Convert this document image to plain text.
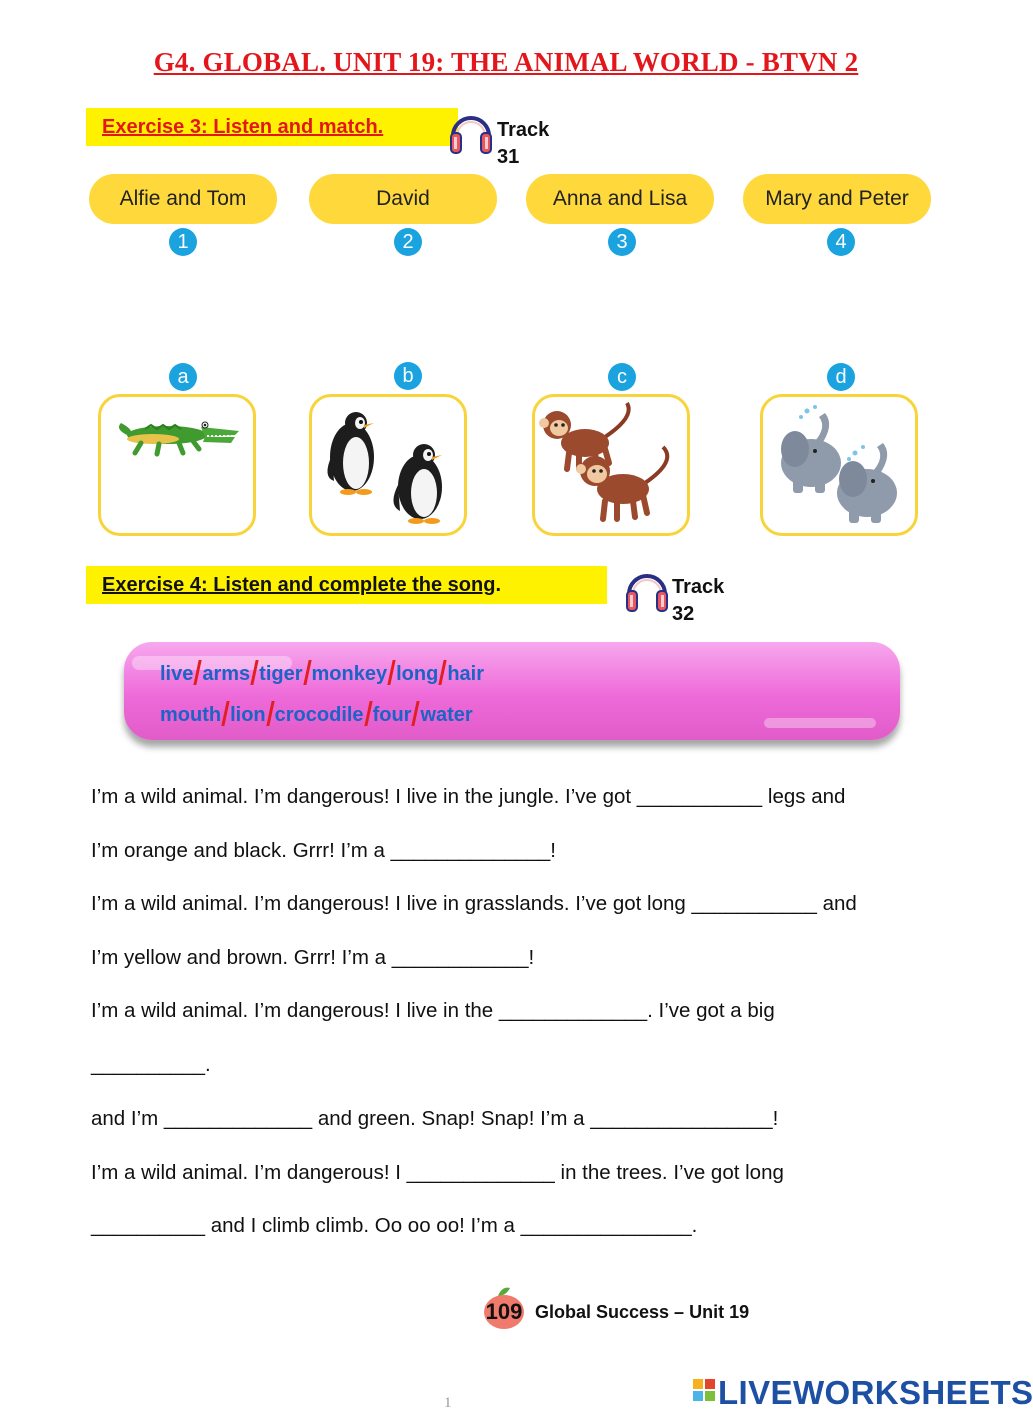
G4. GLOBAL. UNIT 19: THE ANIMAL WORLD - BTVN 2
Exercise 3: Listen and match.	Track
31
Alfie and Tom	David	Anna and Lisa	Mary and Peter
1	2	3	4
a	b	c	d
Exercise 4: Listen and complete the song.	Track
32
live arms tiger monkey long hair
mouth lion crocodile four water
I’m a wild animal. I’m dangerous! I live in the jungle. I’ve got ___________ legs and
I’m orange and black. Grrr! I’m a ______________!
I’m a wild animal. I’m dangerous! I live in grasslands. I’ve got long ___________ and
I’m yellow and brown. Grrr! I’m a ____________!
I’m a wild animal. I’m dangerous! I live in the _____________. I’ve got a big
__________.
and I’m _____________ and green. Snap! Snap! I’m a ________________!
I’m a wild animal. I’m dangerous! I _____________ in the trees. I’ve got long
__________ and I climb climb. Oo oo oo! I’m a _______________.
109 Global Success – Unit 19
LIVEWORKSHEETS
1
